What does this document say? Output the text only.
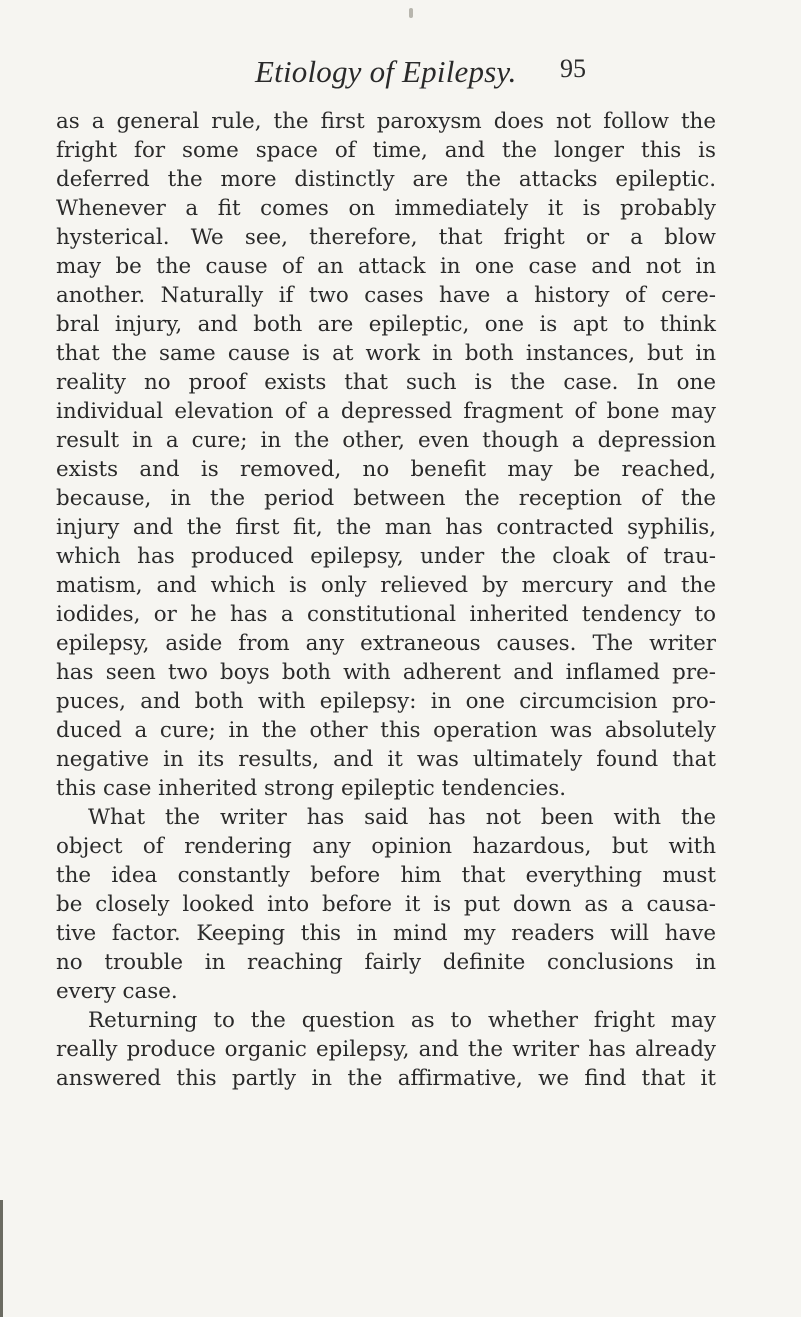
Etiology of Epilepsy. 95
as a general rule, the first paroxysm does not follow the
fright for some space of time, and the longer this is
deferred the more distinctly are the attacks epileptic.
Whenever a fit comes on immediately it is probably
hysterical. We see, therefore, that fright or a blow
may be the cause of an attack in one case and not in
another. Naturally if two cases have a history of cere-
bral injury, and both are epileptic, one is apt to think
that the same cause is at work in both instances, but in
reality no proof exists that such is the case. In one
individual elevation of a depressed fragment of bone may
result in a cure; in the other, even though a depression
exists and is removed, no benefit may be reached,
because, in the period between the reception of the
injury and the first fit, the man has contracted syphilis,
which has produced epilepsy, under the cloak of trau-
matism, and which is only relieved by mercury and the
iodides, or he has a constitutional inherited tendency to
epilepsy, aside from any extraneous causes. The writer
has seen two boys both with adherent and inflamed pre-
puces, and both with epilepsy: in one circumcision pro-
duced a cure; in the other this operation was absolutely
negative in its results, and it was ultimately found that
this case inherited strong epileptic tendencies.
What the writer has said has not been with the
object of rendering any opinion hazardous, but with
the idea constantly before him that everything must
be closely looked into before it is put down as a causa-
tive factor. Keeping this in mind my readers will have
no trouble in reaching fairly definite conclusions in
every case.
Returning to the question as to whether fright may
really produce organic epilepsy, and the writer has already
answered this partly in the affirmative, we find that it
